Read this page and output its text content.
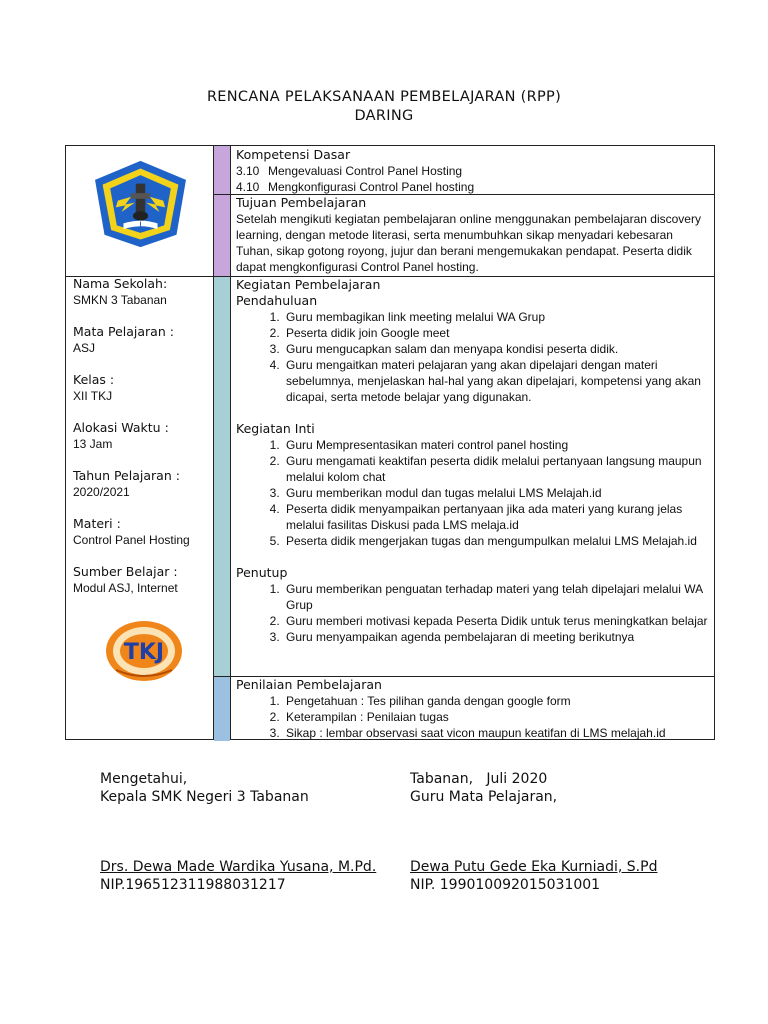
RENCANA PELAKSANAAN PEMBELAJARAN (RPP)
DARING
TKJ

Nama Sekolah:

SMKN 3 Tabanan

Mata Pelajaran :

ASJ

Kelas :

XII TKJ

Alokasi Waktu :

13 Jam

Tahun Pelajaran :

2020/2021

Materi :

Control Panel Hosting

Sumber Belajar :

Modul ASJ, Internet

Kompetensi Dasar
3.10 Mengevaluasi Control Panel Hosting
4.10 Mengkonfigurasi Control Panel hosting
Tujuan Pembelajaran
Setelah mengikuti kegiatan pembelajaran online menggunakan pembelajaran discovery learning, dengan metode literasi, serta menumbuhkan sikap menyadari kebesaran Tuhan, sikap gotong royong, jujur dan berani mengemukakan pendapat. Peserta didik dapat mengkonfigurasi Control Panel hosting.
Kegiatan Pembelajaran
Pendahuluan
1. Guru membagikan link meeting melalui WA Grup
2. Peserta didik join Google meet
3. Guru mengucapkan salam dan menyapa kondisi peserta didik.
4. Guru mengaitkan materi pelajaran yang akan dipelajari dengan materi sebelumnya, menjelaskan hal-hal yang akan dipelajari, kompetensi yang akan dicapai, serta metode belajar yang digunakan.
Kegiatan Inti
1. Guru Mempresentasikan materi control panel hosting
2. Guru mengamati keaktifan peserta didik melalui pertanyaan langsung maupun melalui kolom chat
3. Guru memberikan modul dan tugas melalui LMS Melajah.id
4. Peserta didik menyampaikan pertanyaan jika ada materi yang kurang jelas melalui fasilitas Diskusi pada LMS melaja.id
5. Peserta didik mengerjakan tugas dan mengumpulkan melalui LMS Melajah.id
Penutup
1. Guru memberikan penguatan terhadap materi yang telah dipelajari melalui WA Grup
2. Guru memberi motivasi kepada Peserta Didik untuk terus meningkatkan belajar
3. Guru menyampaikan agenda pembelajaran di meeting berikutnya
Penilaian Pembelajaran
1. Pengetahuan : Tes pilihan ganda dengan google form
2. Keterampilan : Penilaian tugas
3. Sikap : lembar observasi saat vicon maupun keatifan di LMS melajah.id
Mengetahui,
Kepala SMK Negeri 3 Tabanan
Drs. Dewa Made Wardika Yusana, M.Pd.
NIP.196512311988031217
Tabanan,   Juli 2020
Guru Mata Pelajaran,
Dewa Putu Gede Eka Kurniadi, S.Pd
NIP. 199010092015031001
